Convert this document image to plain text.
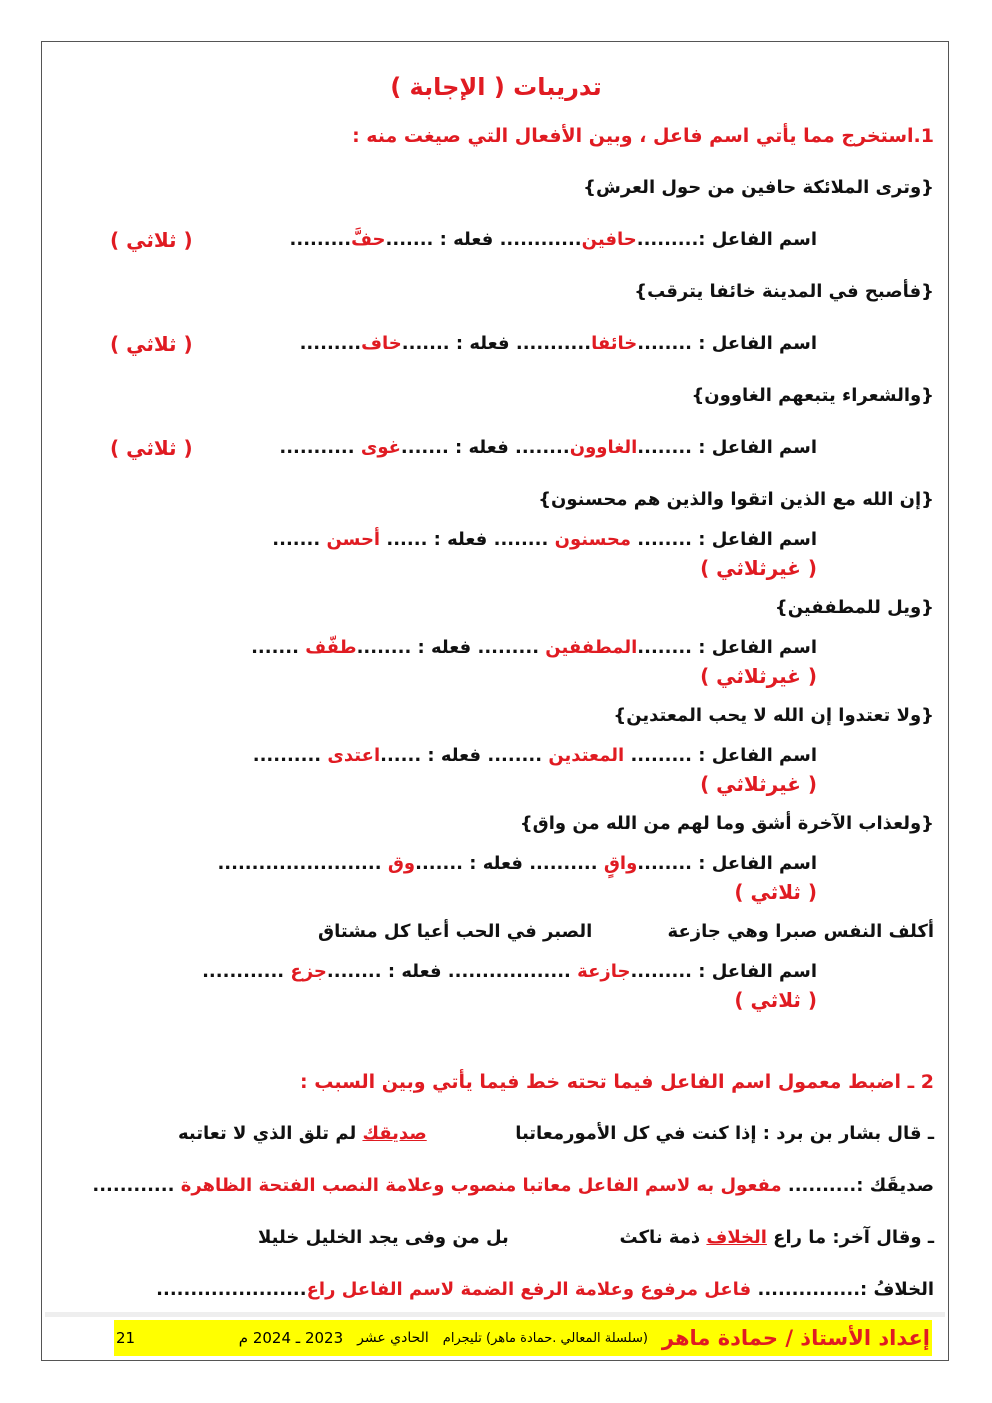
تدريبات ( الإجابة )
1.استخرج مما يأتي اسم فاعل ، وبين الأفعال التي صيغت منه :
{وترى الملائكة حافين من حول العرش}
اسم الفاعل :.........حافين............ فعله : .......حفَّ.........
( ثلاثي )
{فأصبح في المدينة خائفا يترقب}
اسم الفاعل : ........خائفا........... فعله : .......خاف.........
( ثلاثي )
{والشعراء يتبعهم الغاوون}
اسم الفاعل : ........الغاوون........ فعله : .......غوى ...........
( ثلاثي )
{إن الله مع الذين اتقوا والذين هم محسنون}
اسم الفاعل : ........ محسنون ........ فعله : ...... أحسن .......
( غيرثلاثي )
{ويل للمطففين}
اسم الفاعل : ........المطففين ......... فعله : ........طفّف .......
( غيرثلاثي )
{ولا تعتدوا إن الله لا يحب المعتدين}
اسم الفاعل : ......... المعتدين ........ فعله : ......اعتدى ..........
( غيرثلاثي )
{ولعذاب الآخرة أشق وما لهم من الله من واق}
اسم الفاعل : ........واقٍ .......... فعله : .......وق ........................
( ثلاثي )
أكلف النفس صبرا وهي جازعة
الصبر في الحب أعيا كل مشتاق
اسم الفاعل : .........جازعة .................. فعله : ........جزع ............
( ثلاثي )
2 ـ اضبط معمول اسم الفاعل فيما تحته خط فيما يأتي وبين السبب :
ـ قال بشار بن برد : إذا كنت في كل الأمورمعاتبا
صديقك لم تلق الذي لا تعاتبه
صديقَك :.......... مفعول به لاسم الفاعل معاتبا منصوب وعلامة النصب الفتحة الظاهرة ............
ـ وقال آخر: ما راع الخلاف ذمة ناكث
بل من وفى يجد الخليل خليلا
الخلافُ :............... فاعل مرفوع وعلامة الرفع الضمة لاسم الفاعل راع......................
إعداد الأستاذ / حمادة ماهر
(سلسلة المعالي .حمادة ماهر) تليجرام
الحادي عشر
2023 ـ 2024 م
21
